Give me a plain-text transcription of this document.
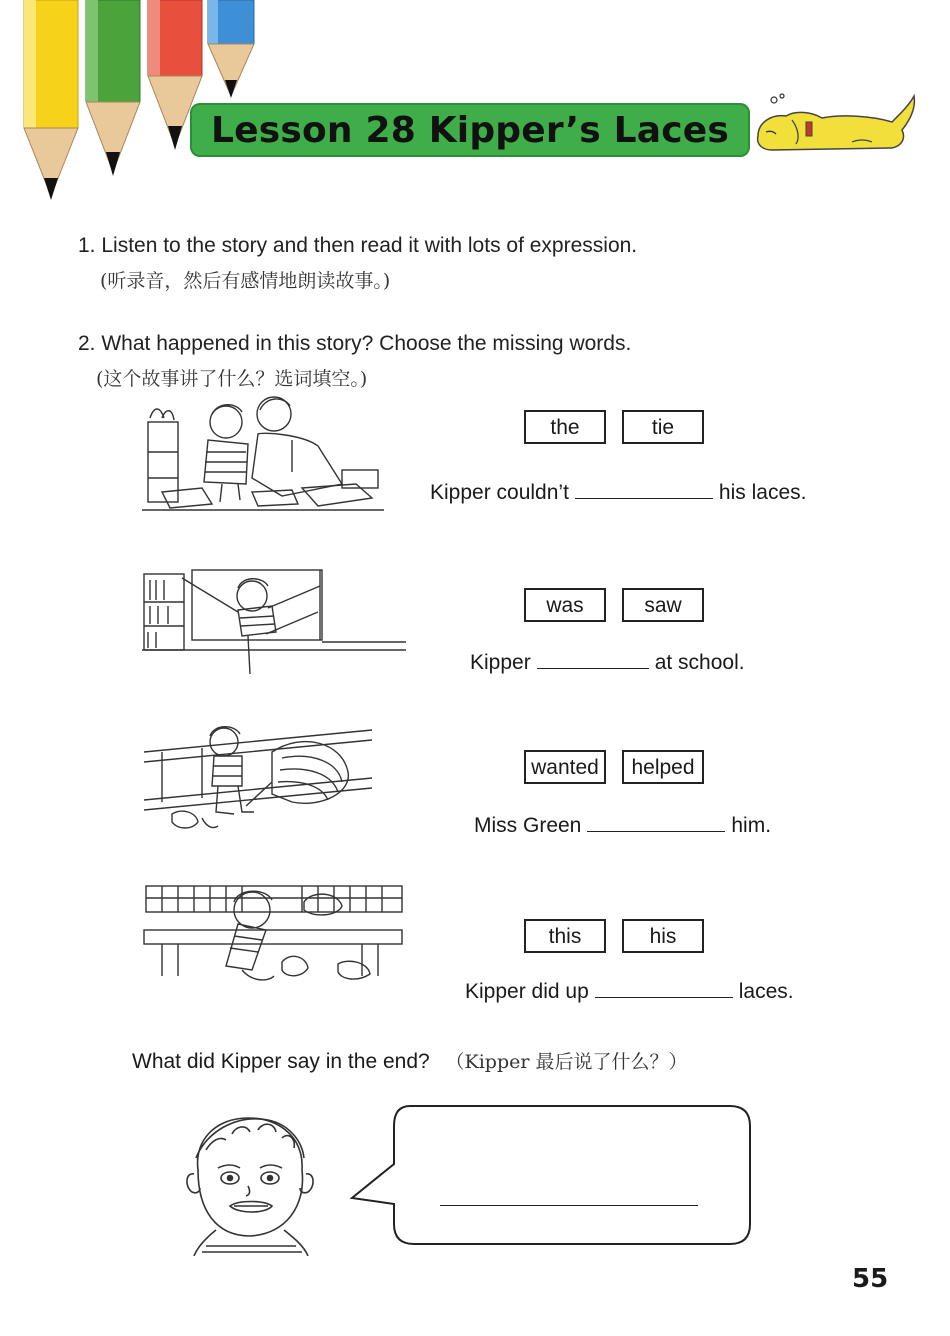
Lesson 28 Kipper’s Laces
1. Listen to the story and then read it with lots of expression.
(听录音，然后有感情地朗读故事。)
2. What happened in this story? Choose the missing words.
(这个故事讲了什么？选词填空。)
the	tie
Kipper couldn’t	his laces.
was	saw
Kipper	at school.
wanted	helped
Miss Green	him.
this	his
Kipper did up	laces.
What did Kipper say in the end? （Kipper 最后说了什么？）
55
